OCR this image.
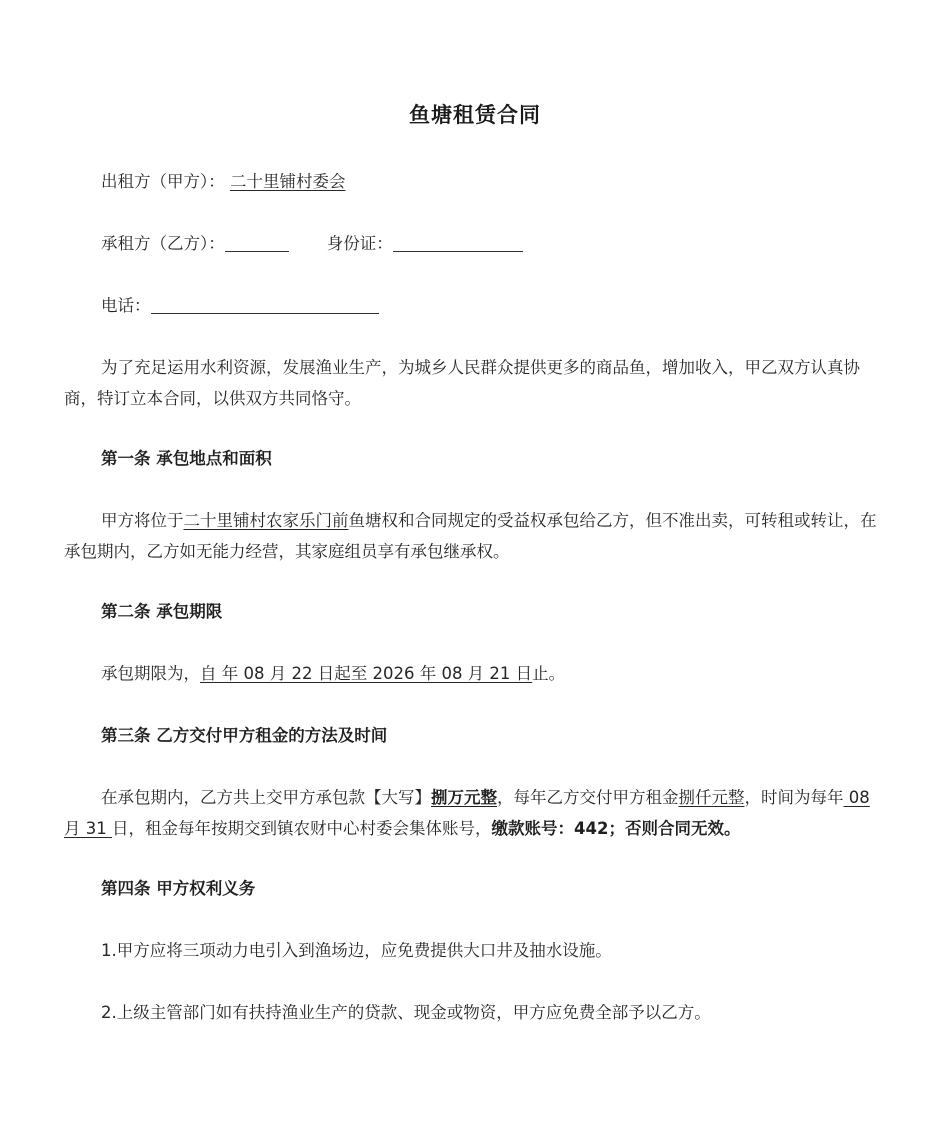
鱼塘租赁合同
出租方（甲方）： 二十里铺村委会
承租方（乙方）：	身份证：
电话：
为了充足运用水利资源，发展渔业生产，为城乡人民群众提供更多的商品鱼，增加收入，甲乙双方认真协商，特订立本合同，以供双方共同恪守。
第一条 承包地点和面积
甲方将位于二十里铺村农家乐门前鱼塘权和合同规定的受益权承包给乙方，但不准出卖，可转租或转让，在承包期内，乙方如无能力经营，其家庭组员享有承包继承权。
第二条 承包期限
承包期限为，自 年 08 月 22 日起至 2026 年 08 月 21 日止。
第三条 乙方交付甲方租金的方法及时间
在承包期内，乙方共上交甲方承包款【大写】捌万元整，每年乙方交付甲方租金捌仟元整，时间为每年 08 月 31 日，租金每年按期交到镇农财中心村委会集体账号，缴款账号：442；否则合同无效。
第四条 甲方权利义务
1.甲方应将三项动力电引入到渔场边，应免费提供大口井及抽水设施。
2.上级主管部门如有扶持渔业生产的贷款、现金或物资，甲方应免费全部予以乙方。
